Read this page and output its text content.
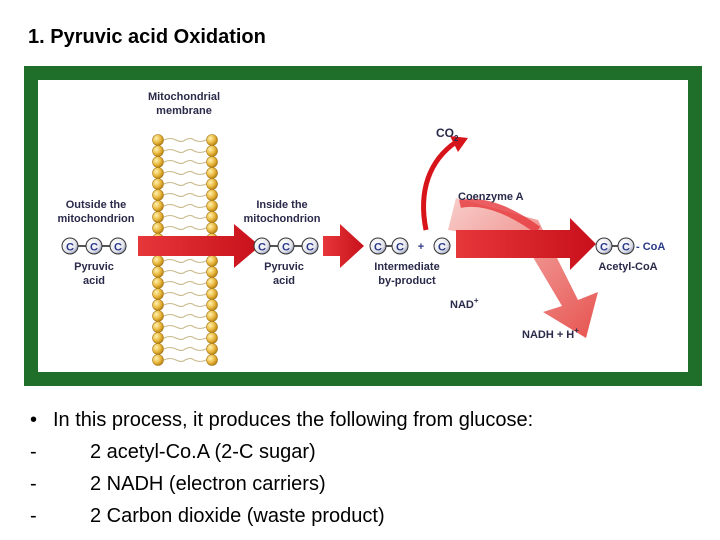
1. Pyruvic acid Oxidation
C C C	C C C	C C + C	C C - CoA
Mitochondrial
membrane
Outside the
mitochondrion
Inside the
mitochondrion
Pyruvic
acid
Pyruvic
acid
Intermediate
by-product
Acetyl-CoA
Coenzyme A
$CO_2$
NAD+
NADH + H+
• In this process, it produces the following from glucose:
-	2 acetyl-Co.A (2-C sugar)
-	2 NADH (electron carriers)
-	2 Carbon dioxide (waste product)
